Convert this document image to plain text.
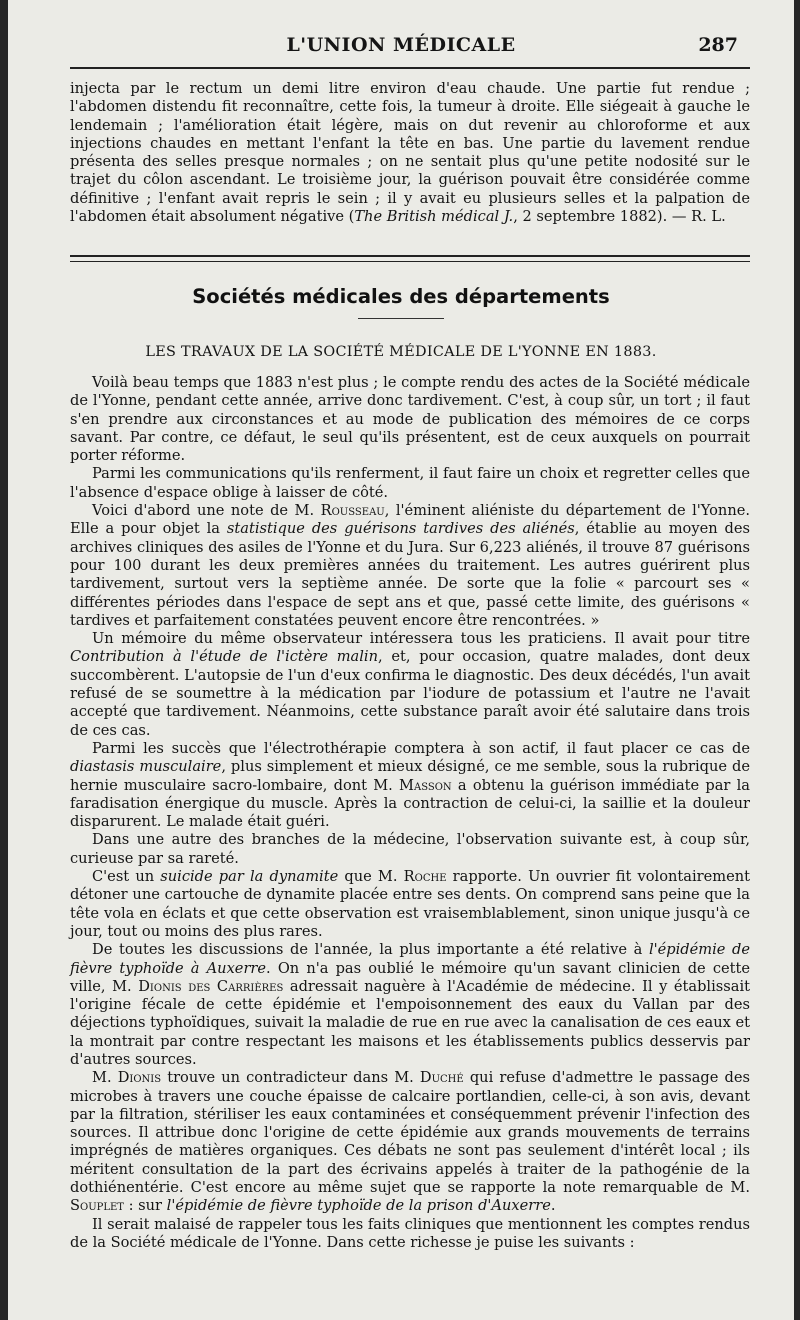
L'UNION MÉDICALE	287

injecta par le rectum un demi litre environ d'eau chaude. Une partie fut rendue ; l'abdomen distendu fit reconnaître, cette fois, la tumeur à droite. Elle siégeait à gauche le lendemain ; l'amélioration était légère, mais on dut revenir au chloroforme et aux injections chaudes en mettant l'enfant la tête en bas. Une partie du lavement rendue présenta des selles presque normales ; on ne sentait plus qu'une petite nodosité sur le trajet du côlon ascendant. Le troisième jour, la guérison pouvait être considérée comme définitive ; l'enfant avait repris le sein ; il y avait eu plusieurs selles et la palpation de l'abdomen était absolument négative (The British médical J., 2 septembre 1882). — R. L.

Sociétés médicales des départements
LES TRAVAUX DE LA SOCIÉTÉ MÉDICALE DE L'YONNE EN 1883.

Voilà beau temps que 1883 n'est plus ; le compte rendu des actes de la Société médicale de l'Yonne, pendant cette année, arrive donc tardivement. C'est, à coup sûr, un tort ; il faut s'en prendre aux circonstances et au mode de publication des mémoires de ce corps savant. Par contre, ce défaut, le seul qu'ils présentent, est de ceux auxquels on pourrait porter réforme.

Parmi les communications qu'ils renferment, il faut faire un choix et regretter celles que l'absence d'espace oblige à laisser de côté.

Voici d'abord une note de M. Rousseau, l'éminent aliéniste du département de l'Yonne. Elle a pour objet la statistique des guérisons tardives des aliénés, établie au moyen des archives cliniques des asiles de l'Yonne et du Jura. Sur 6,223 aliénés, il trouve 87 guérisons pour 100 durant les deux premières années du traitement. Les autres guérirent plus tardivement, surtout vers la septième année. De sorte que la folie « parcourt ses « différentes périodes dans l'espace de sept ans et que, passé cette limite, des guérisons « tardives et parfaitement constatées peuvent encore être rencontrées. »

Un mémoire du même observateur intéressera tous les praticiens. Il avait pour titre Contribution à l'étude de l'ictère malin, et, pour occasion, quatre malades, dont deux succombèrent. L'autopsie de l'un d'eux confirma le diagnostic. Des deux décédés, l'un avait refusé de se soumettre à la médication par l'iodure de potassium et l'autre ne l'avait accepté que tardivement. Néanmoins, cette substance paraît avoir été salutaire dans trois de ces cas.

Parmi les succès que l'électrothérapie comptera à son actif, il faut placer ce cas de diastasis musculaire, plus simplement et mieux désigné, ce me semble, sous la rubrique de hernie musculaire sacro-lombaire, dont M. Masson a obtenu la guérison immédiate par la faradisation énergique du muscle. Après la contraction de celui-ci, la saillie et la douleur disparurent. Le malade était guéri.

Dans une autre des branches de la médecine, l'observation suivante est, à coup sûr, curieuse par sa rareté.

C'est un suicide par la dynamite que M. Roche rapporte. Un ouvrier fit volontairement détoner une cartouche de dynamite placée entre ses dents. On comprend sans peine que la tête vola en éclats et que cette observation est vraisemblablement, sinon unique jusqu'à ce jour, tout ou moins des plus rares.

De toutes les discussions de l'année, la plus importante a été relative à l'épidémie de fièvre typhoïde à Auxerre. On n'a pas oublié le mémoire qu'un savant clinicien de cette ville, M. Dionis des Carrières adressait naguère à l'Académie de médecine. Il y établissait l'origine fécale de cette épidémie et l'empoisonnement des eaux du Vallan par des déjections typhoïdiques, suivait la maladie de rue en rue avec la canalisation de ces eaux et la montrait par contre respectant les maisons et les établissements publics desservis par d'autres sources.

M. Dionis trouve un contradicteur dans M. Duché qui refuse d'admettre le passage des microbes à travers une couche épaisse de calcaire portlandien, celle-ci, à son avis, devant par la filtration, stériliser les eaux contaminées et conséquemment prévenir l'infection des sources. Il attribue donc l'origine de cette épidémie aux grands mouvements de terrains imprégnés de matières organiques. Ces débats ne sont pas seulement d'intérêt local ; ils méritent consultation de la part des écrivains appelés à traiter de la pathogénie de la dothiénentérie. C'est encore au même sujet que se rapporte la note remarquable de M. Souplet : sur l'épidémie de fièvre typhoïde de la prison d'Auxerre.

Il serait malaisé de rappeler tous les faits cliniques que mentionnent les comptes rendus de la Société médicale de l'Yonne. Dans cette richesse je puise les suivants :
